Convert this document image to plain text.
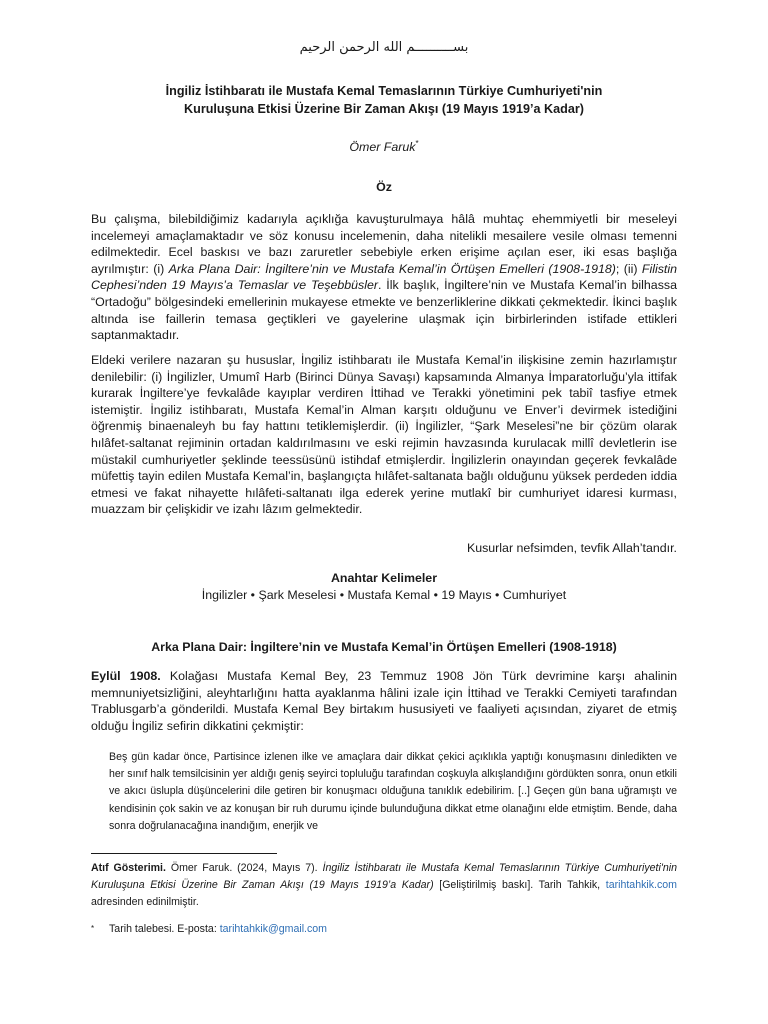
بســــــــــم الله الرحمن الرحيم
İngiliz İstihbaratı ile Mustafa Kemal Temaslarının Türkiye Cumhuriyeti'nin
Kuruluşuna Etkisi Üzerine Bir Zaman Akışı (19 Mayıs 1919’a Kadar)
Ömer Faruk*
Öz

Bu çalışma, bilebildiğimiz kadarıyla açıklığa kavuşturulmaya hâlâ muhtaç ehemmiyetli bir meseleyi incelemeyi amaçlamaktadır ve söz konusu incelemenin, daha nitelikli mesailere vesile olması temenni edilmektedir. Ecel baskısı ve bazı zaruretler sebebiyle erken erişime açılan eser, iki esas başlığa ayrılmıştır: (i) Arka Plana Dair: İngiltere’nin ve Mustafa Kemal’in Örtüşen Emelleri (1908-1918); (ii) Filistin Cephesi’nden 19 Mayıs’a Temaslar ve Teşebbüsler. İlk başlık, İngiltere’nin ve Mustafa Kemal’in bilhassa “Ortadoğu” bölgesindeki emellerinin mukayese etmekte ve benzerliklerine dikkati çekmektedir. İkinci başlık altında ise faillerin temasa geçtikleri ve gayelerine ulaşmak için birbirlerinden istifade ettikleri saptanmaktadır.

Eldeki verilere nazaran şu hususlar, İngiliz istihbaratı ile Mustafa Kemal’in ilişkisine zemin hazırlamıştır denilebilir: (i) İngilizler, Umumî Harb (Birinci Dünya Savaşı) kapsamında Almanya İmparatorluğu’yla ittifak kurarak İngiltere’ye fevkalâde kayıplar verdiren İttihad ve Terakki yönetimini pek tabiî tasfiye etmek istemiştir. İngiliz istihbaratı, Mustafa Kemal’in Alman karşıtı olduğunu ve Enver’i devirmek istediğini öğrenmiş binaenaleyh bu fay hattını tetiklemişlerdir. (ii) İngilizler, “Şark Meselesi”ne bir çözüm olarak hılâfet-saltanat rejiminin ortadan kaldırılmasını ve eski rejimin havzasında kurulacak millî devletlerin ise müstakil cumhuriyetler şeklinde teessüsünü istihdaf etmişlerdir. İngilizlerin onayından geçerek fevkalâde müfettiş tayin edilen Mustafa Kemal’in, başlangıçta hılâfet-saltanata bağlı olduğunu yüksek perdeden iddia etmesi ve fakat nihayette hılâfeti-saltanatı ilga ederek yerine mutlakî bir cumhuriyet idaresi kurması, muazzam bir çelişkidir ve izahı lâzım gelmektedir.

Kusurlar nefsimden, tevfik Allah’tandır.
Anahtar Kelimeler
İngilizler • Şark Meselesi • Mustafa Kemal • 19 Mayıs • Cumhuriyet
Arka Plana Dair: İngiltere’nin ve Mustafa Kemal’in Örtüşen Emelleri (1908-1918)

Eylül 1908. Kolağası Mustafa Kemal Bey, 23 Temmuz 1908 Jön Türk devrimine karşı ahalinin memnuniyetsizliğini, aleyhtarlığını hatta ayaklanma hâlini izale için İttihad ve Terakki Cemiyeti tarafından Trablusgarb’a gönderildi. Mustafa Kemal Bey birtakım hususiyeti ve faaliyeti açısından, ziyaret de etmiş olduğu İngiliz sefirin dikkatini çekmiştir:

Beş gün kadar önce, Partisince izlenen ilke ve amaçlara dair dikkat çekici açıklıkla yaptığı konuşmasını dinledikten ve her sınıf halk temsilcisinin yer aldığı geniş seyirci topluluğu tarafından coşkuyla alkışlandığını gördükten sonra, onun etkili ve akıcı üslupla düşüncelerini dile getiren bir konuşmacı olduğuna tanıklık edebilirim. [..] Geçen gün bana uğramıştı ve kendisinin çok sakin ve az konuşan bir ruh durumu içinde bulunduğuna dikkat etme olanağını elde etmiştim. Bende, daha sonra doğrulanacağına inandığım, enerjik ve

Atıf Gösterimi. Ömer Faruk. (2024, Mayıs 7). İngiliz İstihbaratı ile Mustafa Kemal Temaslarının Türkiye Cumhuriyeti'nin Kuruluşuna Etkisi Üzerine Bir Zaman Akışı (19 Mayıs 1919’a Kadar) [Geliştirilmiş baskı]. Tarih Tahkik, tarihtahkik.com adresinden edinilmiştir.

* Tarih talebesi. E-posta: tarihtahkik@gmail.com
